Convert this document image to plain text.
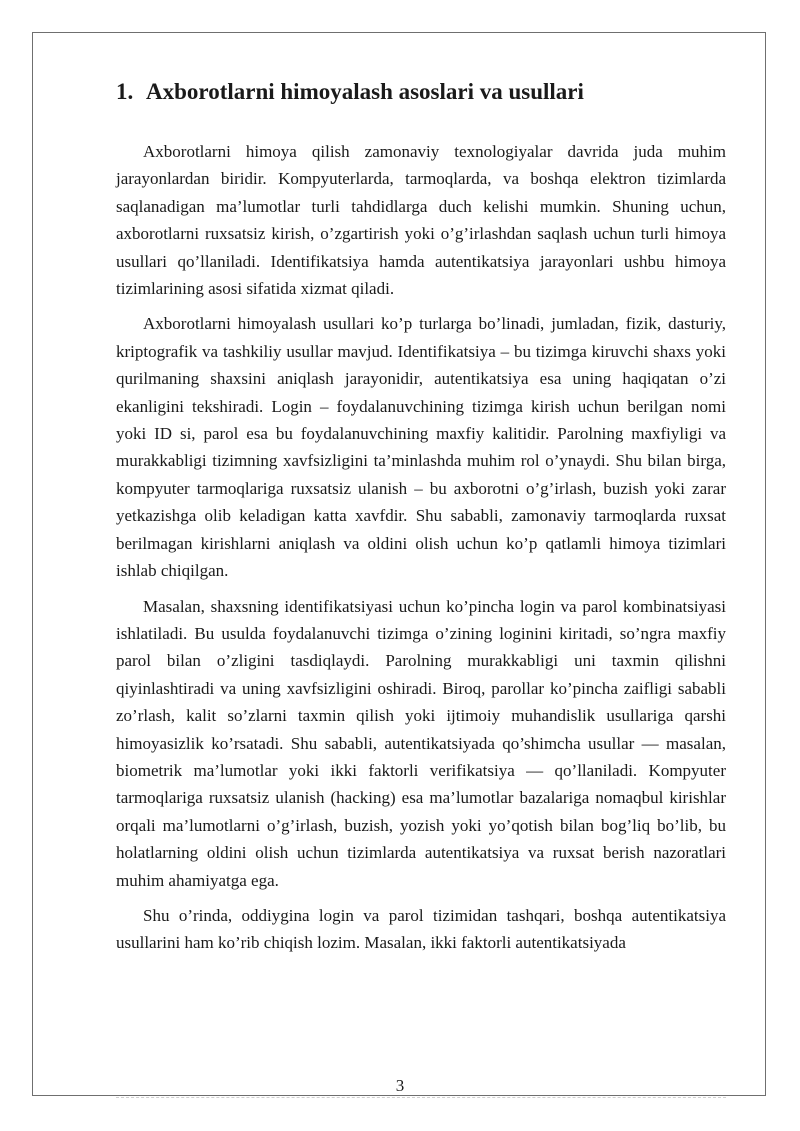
1. Axborotlarni himoyalash asoslari va usullari

Axborotlarni himoya qilish zamonaviy texnologiyalar davrida juda muhim jarayonlardan biridir. Kompyuterlarda, tarmoqlarda, va boshqa elektron tizimlarda saqlanadigan ma’lumotlar turli tahdidlarga duch kelishi mumkin. Shuning uchun, axborotlarni ruxsatsiz kirish, o’zgartirish yoki o’g’irlashdan saqlash uchun turli himoya usullari qo’llaniladi. Identifikatsiya hamda autentikatsiya jarayonlari ushbu himoya tizimlarining asosi sifatida xizmat qiladi.

Axborotlarni himoyalash usullari ko’p turlarga bo’linadi, jumladan, fizik, dasturiy, kriptografik va tashkiliy usullar mavjud. Identifikatsiya – bu tizimga kiruvchi shaxs yoki qurilmaning shaxsini aniqlash jarayonidir, autentikatsiya esa uning haqiqatan o’zi ekanligini tekshiradi. Login – foydalanuvchining tizimga kirish uchun berilgan nomi yoki ID si, parol esa bu foydalanuvchining maxfiy kalitidir. Parolning maxfiyligi va murakkabligi tizimning xavfsizligini ta’minlashda muhim rol o’ynaydi. Shu bilan birga, kompyuter tarmoqlariga ruxsatsiz ulanish – bu axborotni o’g’irlash, buzish yoki zarar yetkazishga olib keladigan katta xavfdir. Shu sababli, zamonaviy tarmoqlarda ruxsat berilmagan kirishlarni aniqlash va oldini olish uchun ko’p qatlamli himoya tizimlari ishlab chiqilgan.

Masalan, shaxsning identifikatsiyasi uchun ko’pincha login va parol kombinatsiyasi ishlatiladi. Bu usulda foydalanuvchi tizimga o’zining loginini kiritadi, so’ngra maxfiy parol bilan o’zligini tasdiqlaydi. Parolning murakkabligi uni taxmin qilishni qiyinlashtiradi va uning xavfsizligini oshiradi. Biroq, parollar ko’pincha zaifligi sababli zo’rlash, kalit so’zlarni taxmin qilish yoki ijtimoiy muhandislik usullariga qarshi himoyasizlik ko’rsatadi. Shu sababli, autentikatsiyada qo’shimcha usullar — masalan, biometrik ma’lumotlar yoki ikki faktorli verifikatsiya — qo’llaniladi. Kompyuter tarmoqlariga ruxsatsiz ulanish (hacking) esa ma’lumotlar bazalariga nomaqbul kirishlar orqali ma’lumotlarni o’g’irlash, buzish, yozish yoki yo’qotish bilan bog’liq bo’lib, bu holatlarning oldini olish uchun tizimlarda autentikatsiya va ruxsat berish nazoratlari muhim ahamiyatga ega.

Shu o’rinda, oddiygina login va parol tizimidan tashqari, boshqa autentikatsiya usullarini ham ko’rib chiqish lozim. Masalan, ikki faktorli autentikatsiyada

3
